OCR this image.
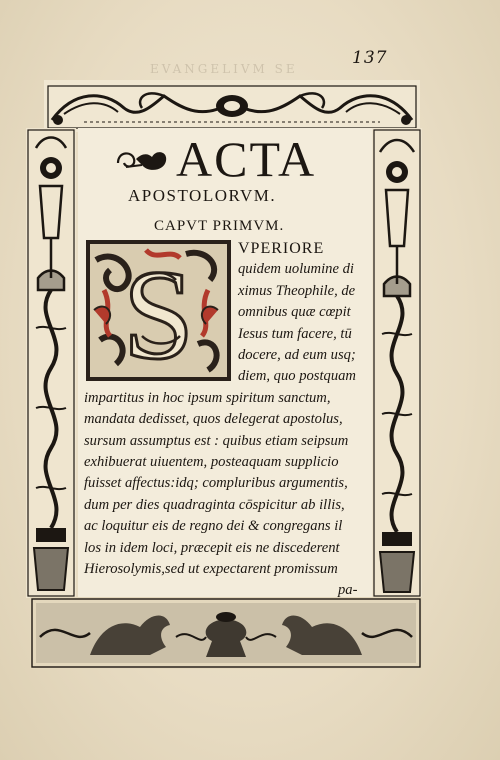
EVANGELIVM SE
137
ACTA
APOSTOLORVM.
CAPVT PRIMVM.
S	VPERIORE
quidem uolumine di
ximus Theophile, de
omnibus quæ cœpit
Iesus tum facere, tū
docere, ad eum usq;
diem, quo postquam
impartitus in hoc ipsum spiritum sanctum,
mandata dedisset, quos delegerat apostolus,
sursum assumptus est : quibus etiam seipsum
exhibuerat uiuentem, posteaquam supplicio
fuisset affectus:idq; compluribus argumentis,
dum per dies quadraginta cōspicitur ab illis,
ac loquitur eis de regno dei & congregans il
los in idem loci, præcepit eis ne discederent
Hierosolymis,sed ut expectarent promissum
pa-
